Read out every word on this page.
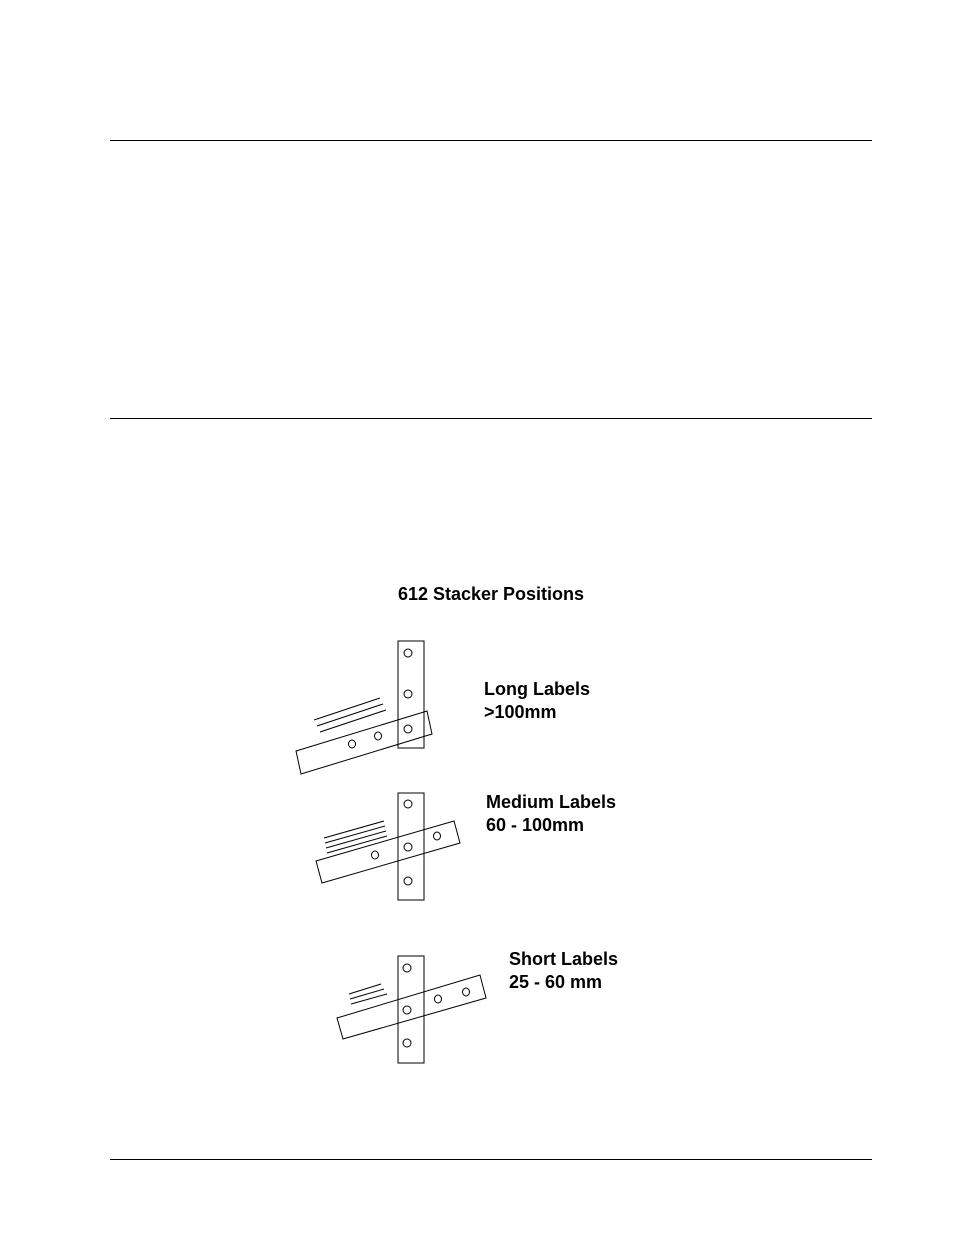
612 Stacker Positions
Long Labels
>100mm
Medium Labels
60 - 100mm
Short Labels
25 - 60 mm
